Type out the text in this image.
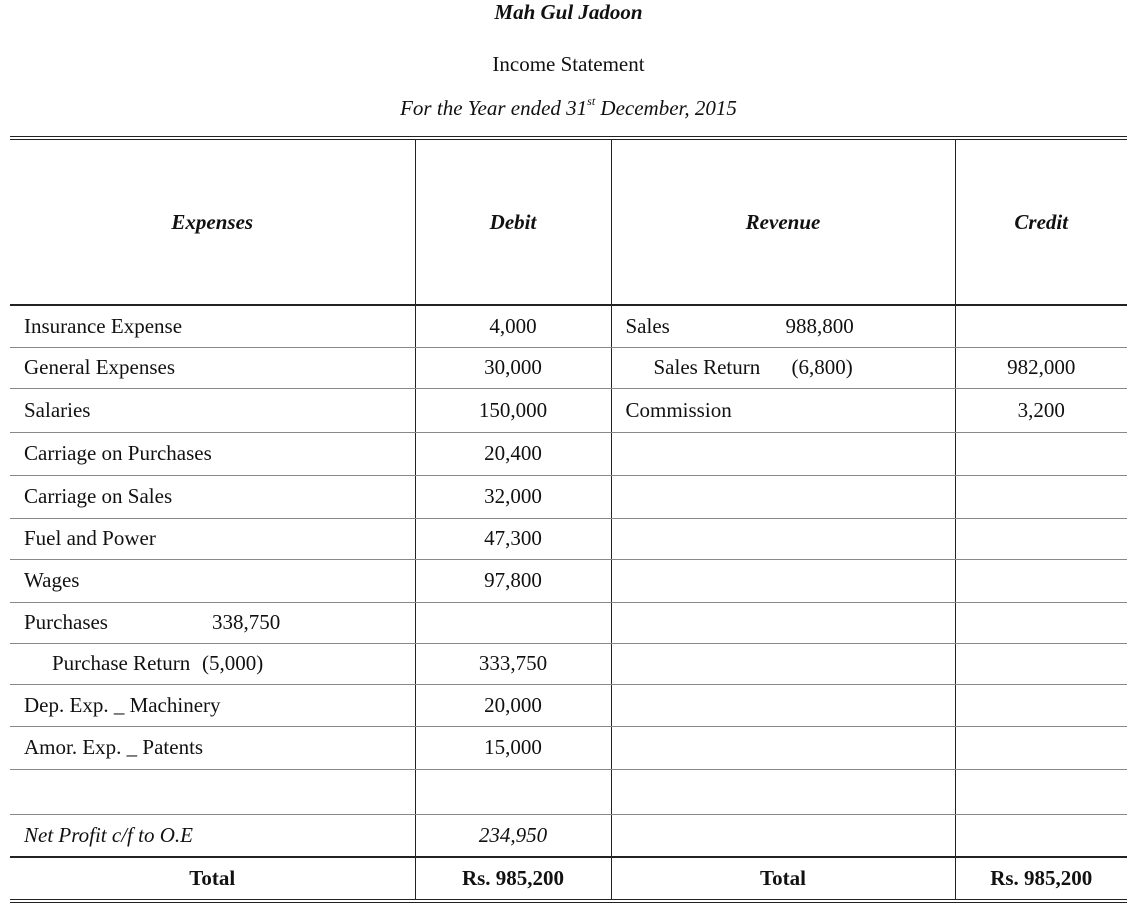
Mah Gul Jadoon
Income Statement
For the Year ended 31st December, 2015
Expenses	Debit	Revenue	Credit
Insurance Expense	4,000	Sales 988,800	
General Expenses	30,000	Sales Return (6,800)	982,000
Salaries	150,000	Commission	3,200
Carriage on Purchases	20,400		
Carriage on Sales	32,000		
Fuel and Power	47,300		
Wages	97,800		
Purchases 338,750			
Purchase Return (5,000)	333,750		
Dep. Exp. _ Machinery	20,000		
Amor. Exp. _ Patents	15,000		

Net Profit c/f to O.E	234,950		
Total	Rs. 985,200	Total	Rs. 985,200
